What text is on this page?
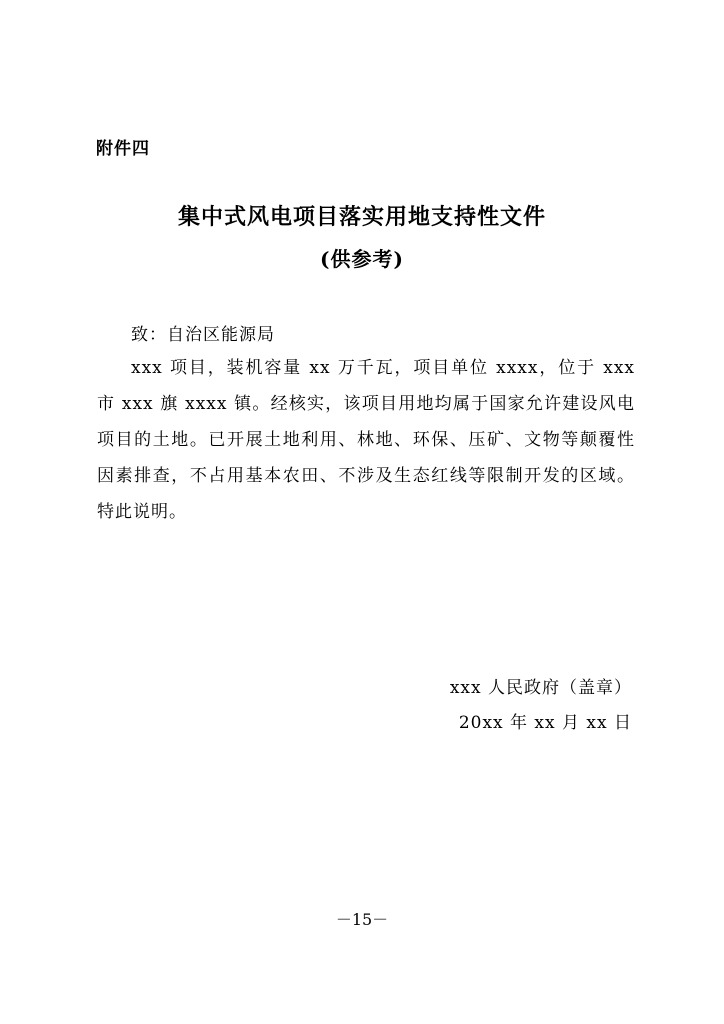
附件四
集中式风电项目落实用地支持性文件
(供参考)
致：自治区能源局

xxx 项目，装机容量 xx 万千瓦，项目单位 xxxx，位于 xxx 市 xxx 旗 xxxx 镇。经核实，该项目用地均属于国家允许建设风电项目的土地。已开展土地利用、林地、环保、压矿、文物等颠覆性因素排查，不占用基本农田、不涉及生态红线等限制开发的区域。特此说明。

xxx 人民政府（盖章）
20xx 年 xx 月 xx 日
－15－
